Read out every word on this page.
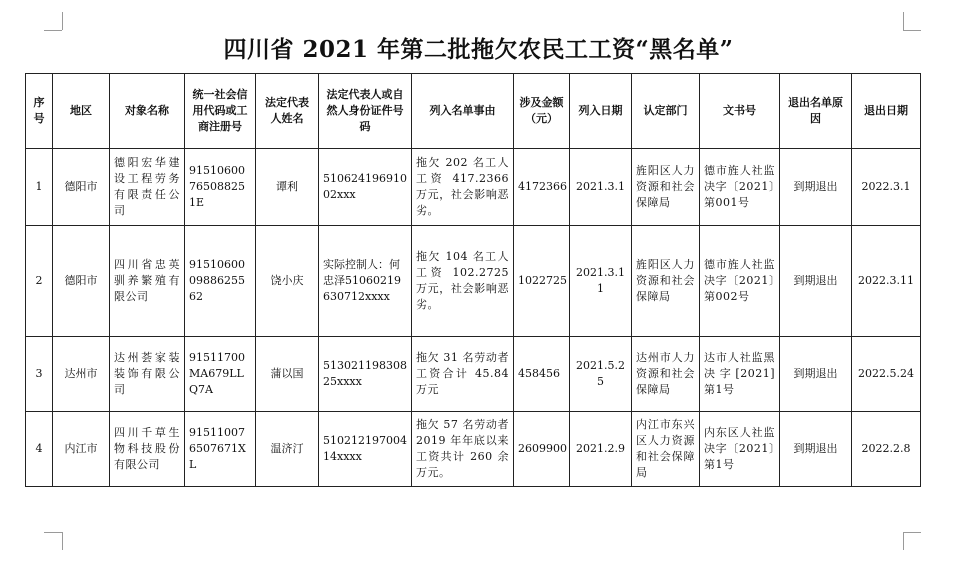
四川省 2021 年第二批拖欠农民工工资“黑名单”
序号	地区	对象名称	统一社会信用代码或工商注册号	法定代表人姓名	法定代表人或自然人身份证件号码	列入名单事由	涉及金额（元）	列入日期	认定部门	文书号	退出名单原因	退出日期
1	德阳市	德阳宏华建设工程劳务有限责任公司	91510600765088251E	谭利	51062419691002xxx	拖欠 202 名工人工资 417.2366 万元，社会影响恶劣。	4172366	2021.3.1	旌阳区人力资源和社会保障局	德市旌人社监决字〔2021〕第001号	到期退出	2022.3.1
2	德阳市	四川省忠英驯养繁殖有限公司	915106000988625562	饶小庆	实际控制人：何忠泽51060219630712xxxx	拖欠 104 名工人工资 102.2725 万元，社会影响恶劣。	1022725	2021.3.11	旌阳区人力资源和社会保障局	德市旌人社监决字〔2021〕第002号	到期退出	2022.3.11
3	达州市	达州荟家装装饰有限公司	91511700MA679LLQ7A	蒲以国	51302119830825xxxx	拖欠 31 名劳动者工资合计 45.84 万元	458456	2021.5.25	达州市人力资源和社会保障局	达市人社监黑决字[2021]第1号	到期退出	2022.5.24
4	内江市	四川千草生物科技股份有限公司	915110076507671XL	温济汀	51021219700414xxxx	拖欠 57 名劳动者 2019 年年底以来工资共计 260 余万元。	2609900	2021.2.9	内江市东兴区人力资源和社会保障局	内东区人社监决字〔2021〕第1号	到期退出	2022.2.8
